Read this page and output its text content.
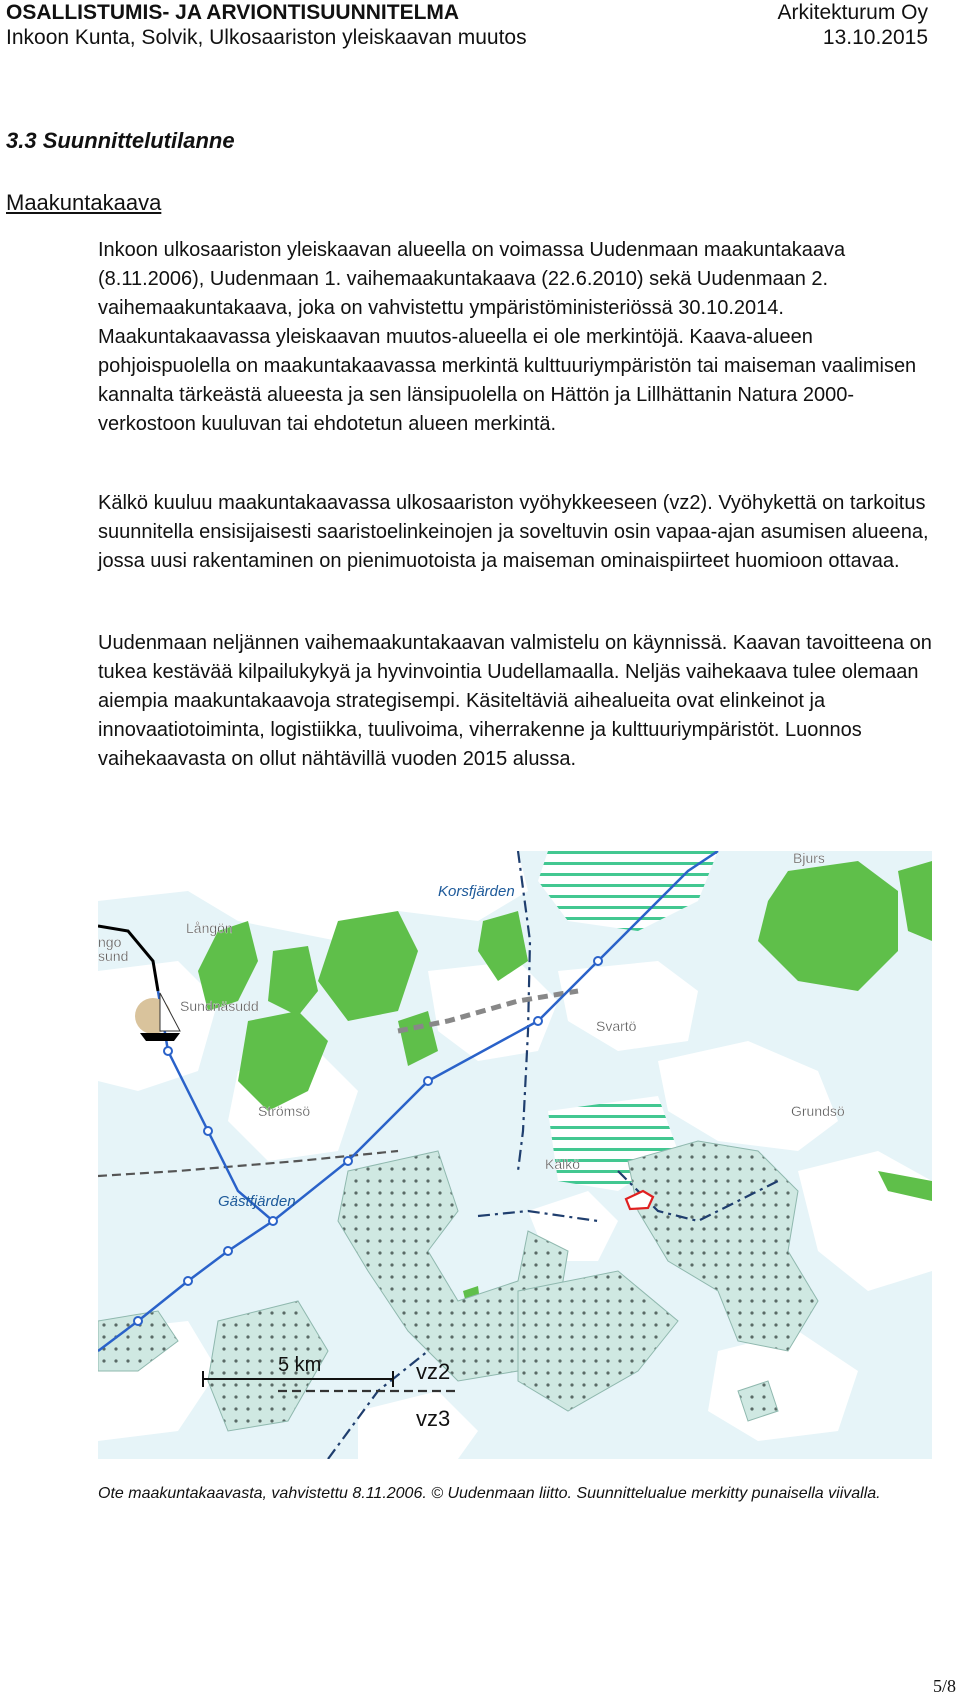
OSALLISTUMIS- JA ARVIONTISUUNNITELMA	Arkitekturum Oy
Inkoon Kunta, Solvik, Ulkosaariston yleiskaavan muutos	13.10.2015
3.3 Suunnittelutilanne
Maakuntakaava

Inkoon ulkosaariston yleiskaavan alueella on voimassa Uudenmaan maakuntakaava (8.11.2006), Uudenmaan 1. vaihemaakuntakaava (22.6.2010) sekä Uudenmaan 2. vaihemaakuntakaava, joka on vahvistettu ympäristöministeriössä 30.10.2014. Maakuntakaavassa yleiskaavan muutos-alueella ei ole merkintöjä. Kaava-alueen pohjoispuolella on maakuntakaavassa merkintä kulttuuriympäristön tai maiseman vaalimisen kannalta tärkeästä alueesta ja sen länsipuolella on Hättön ja Lillhättanin Natura 2000-verkostoon kuuluvan tai ehdotetun alueen merkintä.

Kälkö kuuluu maakuntakaavassa ulkosaariston vyöhykkeeseen (vz2). Vyöhykettä on tarkoitus suunnitella ensisijaisesti saaristoelinkeinojen ja soveltuvin osin vapaa-ajan asumisen alueena, jossa uusi rakentaminen on pienimuotoista ja maiseman ominaispiirteet huomioon ottavaa.

Uudenmaan neljännen vaihemaakuntakaavan valmistelu on käynnissä. Kaavan tavoitteena on tukea kestävää kilpailukykyä ja hyvinvointia Uudellamaalla. Neljäs vaihekaava tulee olemaan aiempia maakuntakaavoja strategisempi. Käsiteltäviä aihealueita ovat elinkeinot ja innovaatiotoiminta, logistiikka, tuulivoima, viherrakenne ja kulttuuriympäristöt. Luonnos vaihekaavasta on ollut nähtävillä vuoden 2015 alussa.

Korsfjärden
Gästfjärden
Bjurs
Långön
ngo
sund
Sundnäsudd
Svartö
Strömsö	Grundsö
Kälkö
5 km	vz2
vz3
Ote maakuntakaavasta, vahvistettu 8.11.2006. © Uudenmaan liitto. Suunnittelualue merkitty punaisella viivalla.
5/8
